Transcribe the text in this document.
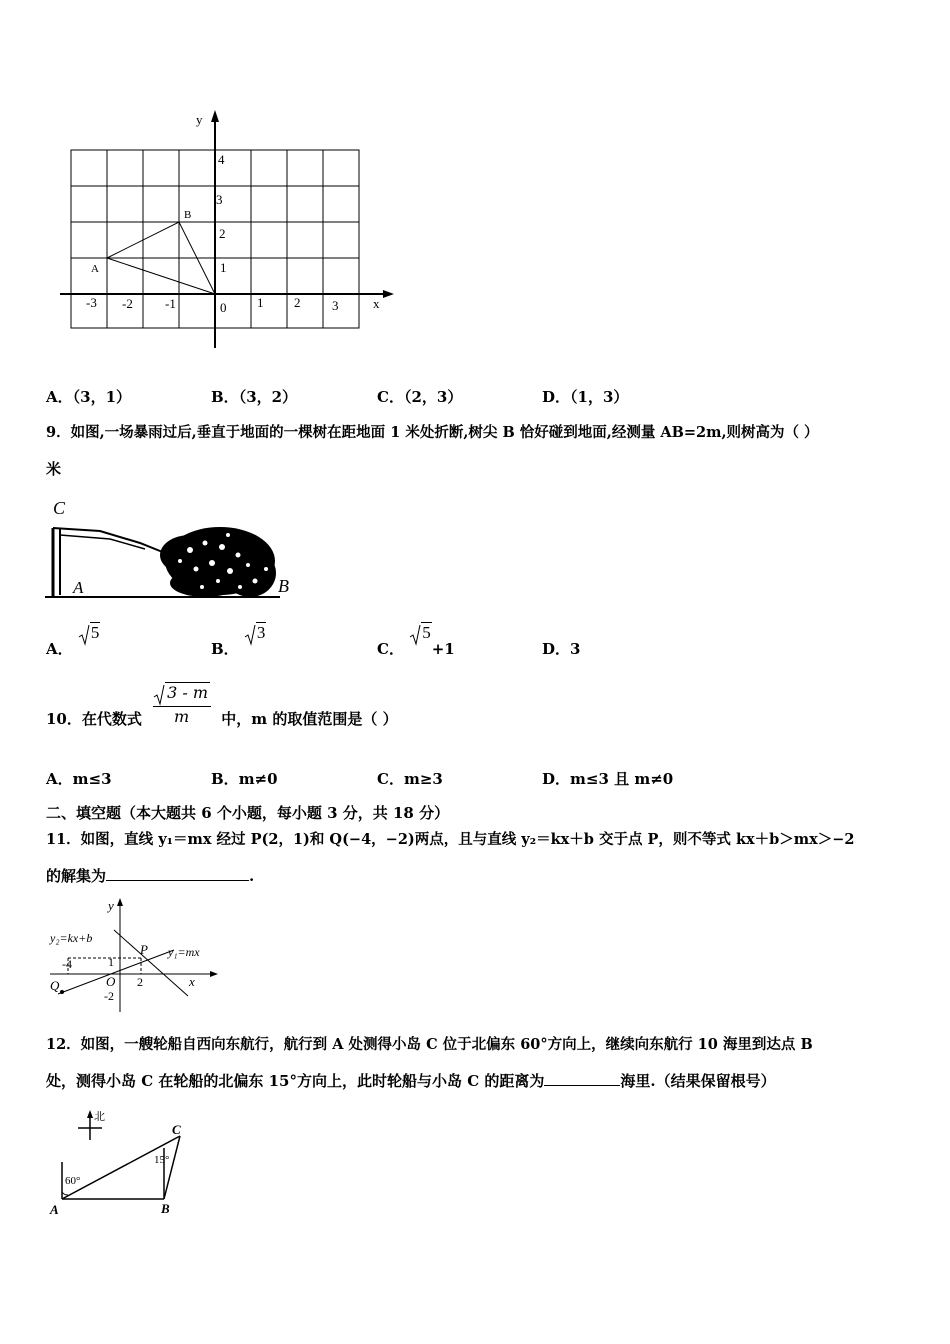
y
x
A
B
4
3
2
1
-3 -2 -1	0 1 2 3
A．（3，1）	B．（3，2）	C．（2，3）	D．（1，3）
9．如图,一场暴雨过后,垂直于地面的一棵树在距地面 1 米处折断,树尖 B 恰好碰到地面,经测量 AB=2m,则树高为（ ）
米
C
A	B
A． 5
B． 3
C． 5+1	D．3
10．在代数式 $\frac{3 - m}{m}$ 中，m 的取值范围是（ ）
A．m≤3	B．m≠0	C．m≥3	D．m≤3 且 m≠0
二、填空题（本大题共 6 个小题，每小题 3 分，共 18 分）
11．如图，直线 y₁＝mx 经过 P(2，1)和 Q(−4，−2)两点，且与直线 y₂＝kx＋b 交于点 P，则不等式 kx＋b＞mx＞−2
的解集为	.
y
x
y₂=kx+b
y₁=mx
P
Q	O
-4	1
2
-2
12．如图，一艘轮船自西向东航行，航行到 A 处测得小岛 C 位于北偏东 60°方向上，继续向东航行 10 海里到达点 B
处，测得小岛 C 在轮船的北偏东 15°方向上，此时轮船与小岛 C 的距离为	海里.（结果保留根号）
北
60°
15°
A	B
C
